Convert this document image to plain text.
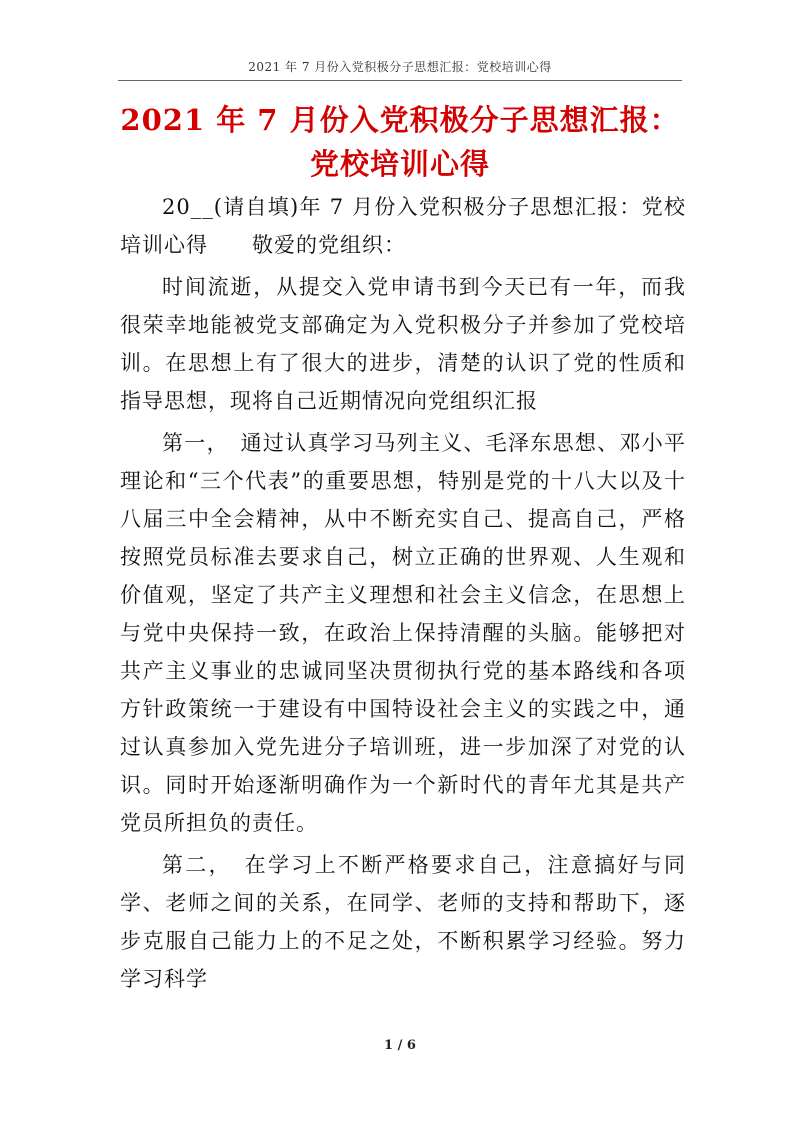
2021 年 7 月份入党积极分子思想汇报：党校培训心得
2021 年 7 月份入党积极分子思想汇报：党校培训心得

20__(请自填)年 7 月份入党积极分子思想汇报：党校培训心得　　敬爱的党组织：

时间流逝，从提交入党申请书到今天已有一年，而我很荣幸地能被党支部确定为入党积极分子并参加了党校培训。在思想上有了很大的进步，清楚的认识了党的性质和指导思想，现将自己近期情况向党组织汇报

第一，　通过认真学习马列主义、毛泽东思想、邓小平理论和“三个代表”的重要思想，特别是党的十八大以及十八届三中全会精神，从中不断充实自己、提高自己，严格按照党员标准去要求自己，树立正确的世界观、人生观和价值观，坚定了共产主义理想和社会主义信念，在思想上与党中央保持一致，在政治上保持清醒的头脑。能够把对共产主义事业的忠诚同坚决贯彻执行党的基本路线和各项方针政策统一于建设有中国特设社会主义的实践之中，通过认真参加入党先进分子培训班，进一步加深了对党的认识。同时开始逐渐明确作为一个新时代的青年尤其是共产党员所担负的责任。

第二，　在学习上不断严格要求自己，注意搞好与同学、老师之间的关系，在同学、老师的支持和帮助下，逐步克服自己能力上的不足之处，不断积累学习经验。努力学习科学

1 / 6
